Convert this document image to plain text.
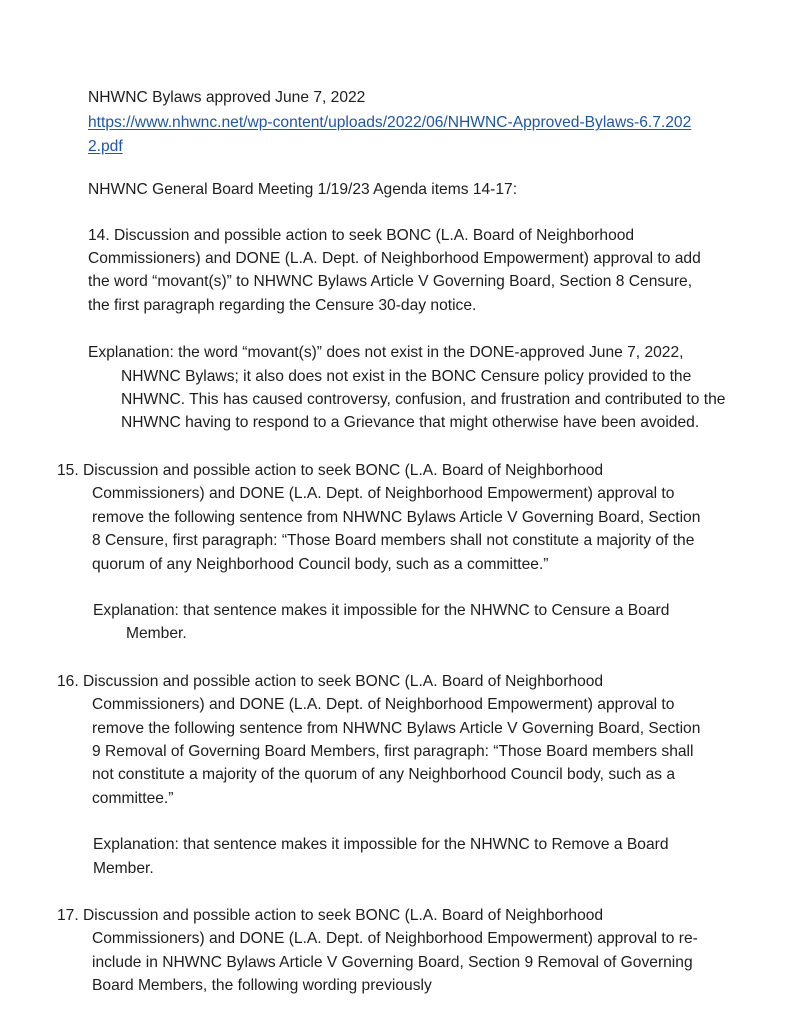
NHWNC Bylaws approved June 7, 2022
https://www.nhwnc.net/wp-content/uploads/2022/06/NHWNC-Approved-Bylaws-6.7.2022.pdf
NHWNC General Board Meeting 1/19/23 Agenda items 14-17:
14. Discussion and possible action to seek BONC (L.A. Board of Neighborhood Commissioners) and DONE (L.A. Dept. of Neighborhood Empowerment) approval to add the word “movant(s)” to NHWNC Bylaws Article V Governing Board, Section 8 Censure, the first paragraph regarding the Censure 30-day notice.
Explanation: the word “movant(s)” does not exist in the DONE-approved June 7, 2022, NHWNC Bylaws; it also does not exist in the BONC Censure policy provided to the NHWNC. This has caused controversy, confusion, and frustration and contributed to the NHWNC having to respond to a Grievance that might otherwise have been avoided.
15. Discussion and possible action to seek BONC (L.A. Board of Neighborhood Commissioners) and DONE (L.A. Dept. of Neighborhood Empowerment) approval to remove the following sentence from NHWNC Bylaws Article V Governing Board, Section 8 Censure, first paragraph: “Those Board members shall not constitute a majority of the quorum of any Neighborhood Council body, such as a committee.”
Explanation: that sentence makes it impossible for the NHWNC to Censure a Board Member.
16. Discussion and possible action to seek BONC (L.A. Board of Neighborhood Commissioners) and DONE (L.A. Dept. of Neighborhood Empowerment) approval to remove the following sentence from NHWNC Bylaws Article V Governing Board, Section 9 Removal of Governing Board Members, first paragraph: “Those Board members shall not constitute a majority of the quorum of any Neighborhood Council body, such as a committee.”
Explanation: that sentence makes it impossible for the NHWNC to Remove a Board Member.
17. Discussion and possible action to seek BONC (L.A. Board of Neighborhood Commissioners) and DONE (L.A. Dept. of Neighborhood Empowerment) approval to re-include in NHWNC Bylaws Article V Governing Board, Section 9 Removal of Governing Board Members, the following wording previously
